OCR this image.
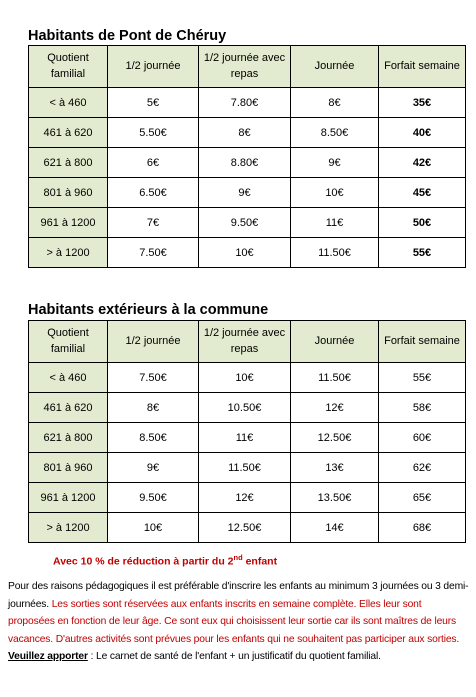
Habitants de Pont de Chéruy
Quotient familial	1/2 journée	1/2 journée avec repas	Journée	Forfait semaine
< à 460	5€	7.80€	8€	35€
461 à 620	5.50€	8€	8.50€	40€
621 à 800	6€	8.80€	9€	42€
801 à 960	6.50€	9€	10€	45€
961 à 1200	7€	9.50€	11€	50€
> à 1200	7.50€	10€	11.50€	55€
Habitants extérieurs à la commune
Quotient familial	1/2 journée	1/2 journée avec repas	Journée	Forfait semaine
< à 460	7.50€	10€	11.50€	55€
461 à 620	8€	10.50€	12€	58€
621 à 800	8.50€	11€	12.50€	60€
801 à 960	9€	11.50€	13€	62€
961 à 1200	9.50€	12€	13.50€	65€
> à 1200	10€	12.50€	14€	68€
Avec 10 % de réduction à partir du 2nd enfant
Pour des raisons pédagogiques il est préférable d'inscrire les enfants au minimum 3 journées ou 3 demi-journées. Les sorties sont réservées aux enfants inscrits en semaine complète. Elles leur sont proposées en fonction de leur âge. Ce sont eux qui choisissent leur sortie car ils sont maîtres de leurs vacances. D'autres activités sont prévues pour les enfants qui ne souhaitent pas participer aux sorties. Veuillez apporter : Le carnet de santé de l'enfant + un justificatif du quotient familial.
